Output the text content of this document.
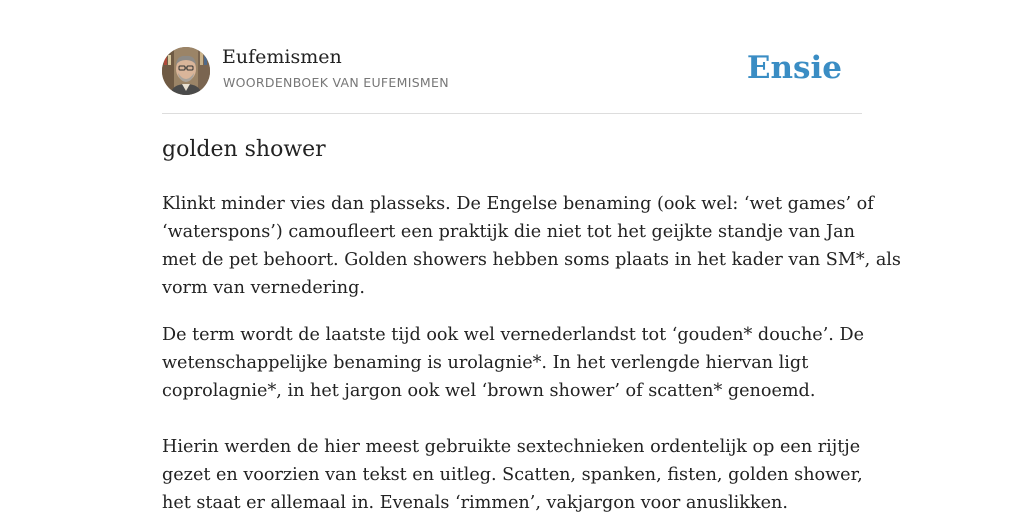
Eufemismen
WOORDENBOEK VAN EUFEMISMEN	Ensie
golden shower

Klinkt minder vies dan plasseks. De Engelse benaming (ook wel: ‘wet games’ of
‘waterspons’) camoufleert een praktijk die niet tot het geijkte standje van Jan
met de pet behoort. Golden showers hebben soms plaats in het kader van SM*, als
vorm van vernedering.

De term wordt de laatste tijd ook wel vernederlandst tot ‘gouden* douche’. De
wetenschappelijke benaming is urolagnie*. In het verlengde hiervan ligt
coprolagnie*, in het jargon ook wel ‘brown shower’ of scatten* genoemd.

Hierin werden de hier meest gebruikte sextechnieken ordentelijk op een rijtje
gezet en voorzien van tekst en uitleg. Scatten, spanken, fisten, golden shower,
het staat er allemaal in. Evenals ‘rimmen’, vakjargon voor anuslikken.
